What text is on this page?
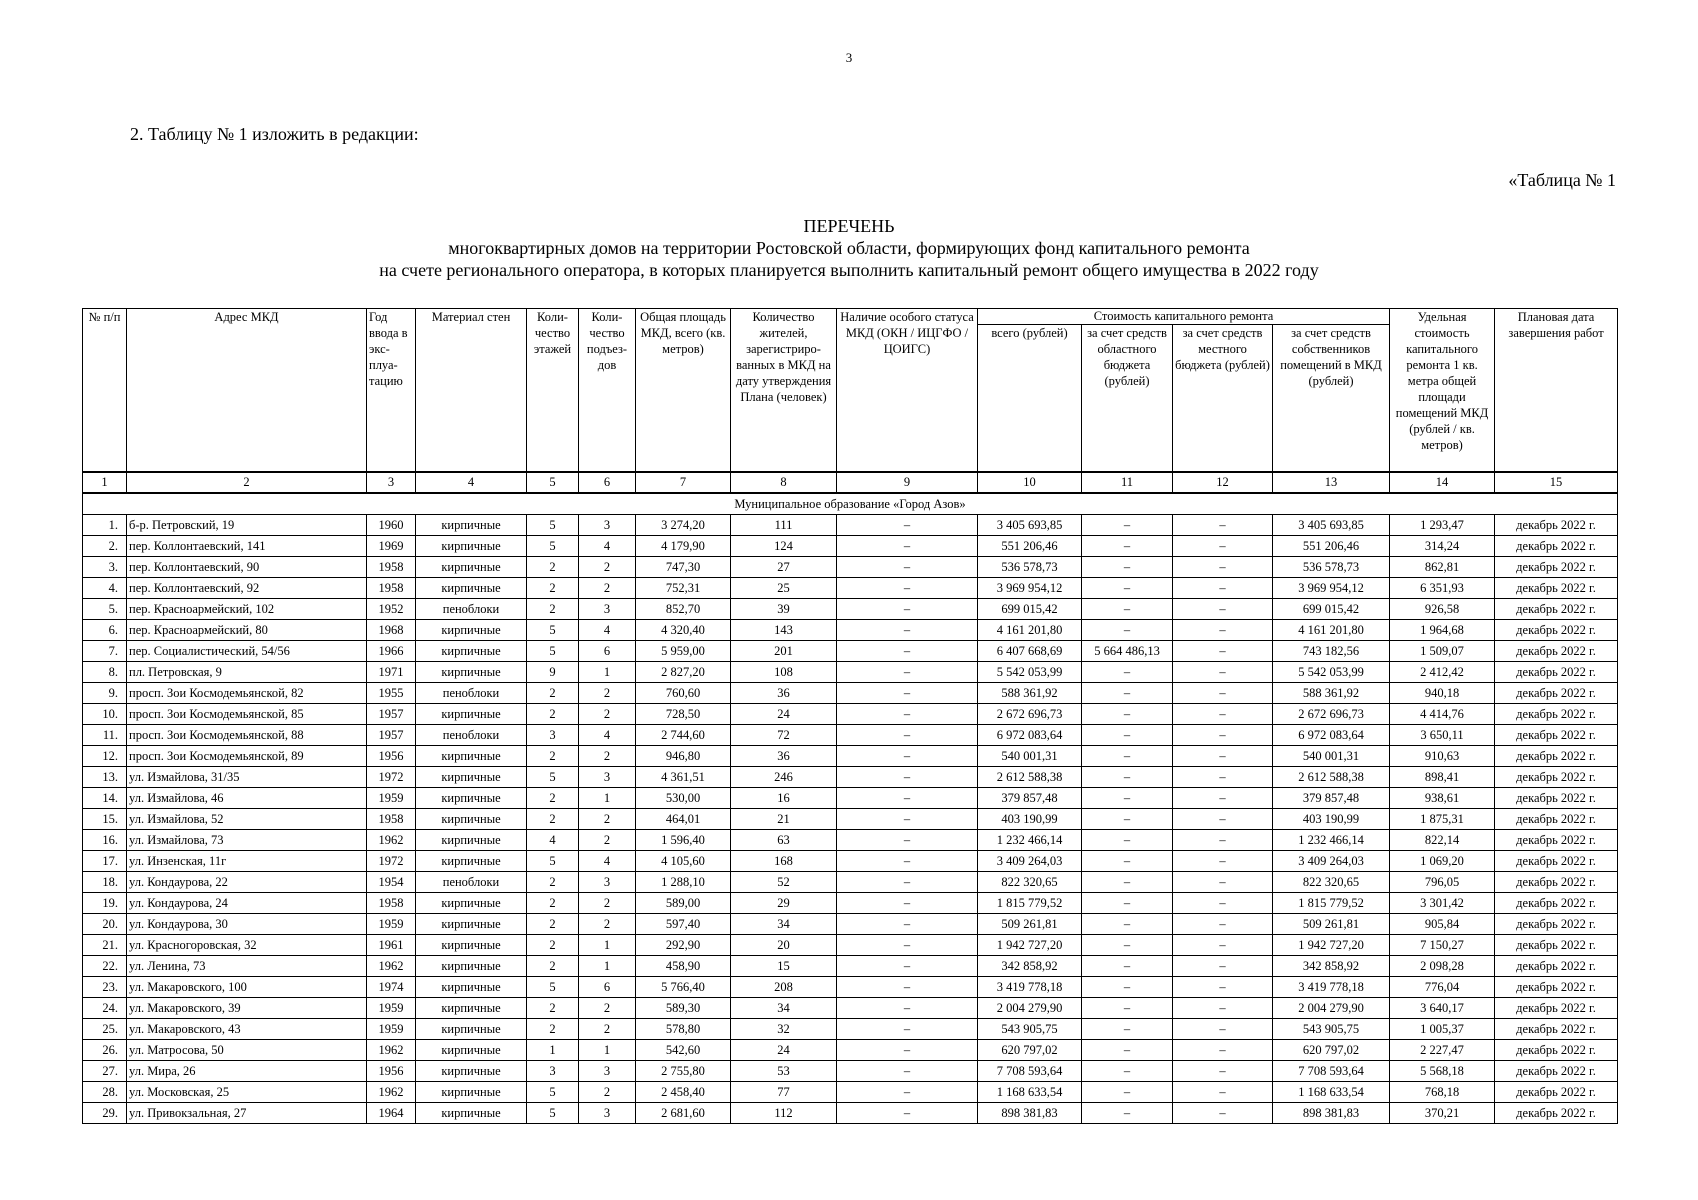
3
2. Таблицу № 1 изложить в редакции:
«Таблица № 1
ПЕРЕЧЕНЬ
многоквартирных домов на территории Ростовской области, формирующих фонд капитального ремонта
на счете регионального оператора, в которых планируется выполнить капитальный ремонт общего имущества в 2022 году
№ п/п	Адрес МКД	Год ввода в экс-плуа-тацию	Материал стен	Коли-чество этажей	Коли-чество подъез-дов	Общая площадь МКД, всего (кв. метров)	Количество жителей, зарегистриро-ванных в МКД на дату утверждения Плана (человек)	Наличие особого статуса МКД (ОКН / ИЦГФО / ЦОИГС)	Стоимость капитального ремонта				Удельная стоимость капитального ремонта 1 кв. метра общей площади помещений МКД (рублей / кв. метров)	Плановая дата завершения работ
									всего (рублей)	за счет средств областного бюджета (рублей)	за счет средств местного бюджета (рублей)	за счет средств собственников помещений в МКД (рублей)		
1	2	3	4	5	6	7	8	9	10	11	12	13	14	15
Муниципальное образование «Город Азов»														
1.	б-р. Петровский, 19	1960	кирпичные	5	3	3 274,20	111	–	3 405 693,85	–	–	3 405 693,85	1 293,47	декабрь 2022 г.
2.	пер. Коллонтаевский, 141	1969	кирпичные	5	4	4 179,90	124	–	551 206,46	–	–	551 206,46	314,24	декабрь 2022 г.
3.	пер. Коллонтаевский, 90	1958	кирпичные	2	2	747,30	27	–	536 578,73	–	–	536 578,73	862,81	декабрь 2022 г.
4.	пер. Коллонтаевский, 92	1958	кирпичные	2	2	752,31	25	–	3 969 954,12	–	–	3 969 954,12	6 351,93	декабрь 2022 г.
5.	пер. Красноармейский, 102	1952	пеноблоки	2	3	852,70	39	–	699 015,42	–	–	699 015,42	926,58	декабрь 2022 г.
6.	пер. Красноармейский, 80	1968	кирпичные	5	4	4 320,40	143	–	4 161 201,80	–	–	4 161 201,80	1 964,68	декабрь 2022 г.
7.	пер. Социалистический, 54/56	1966	кирпичные	5	6	5 959,00	201	–	6 407 668,69	5 664 486,13	–	743 182,56	1 509,07	декабрь 2022 г.
8.	пл. Петровская, 9	1971	кирпичные	9	1	2 827,20	108	–	5 542 053,99	–	–	5 542 053,99	2 412,42	декабрь 2022 г.
9.	просп. Зои Космодемьянской, 82	1955	пеноблоки	2	2	760,60	36	–	588 361,92	–	–	588 361,92	940,18	декабрь 2022 г.
10.	просп. Зои Космодемьянской, 85	1957	кирпичные	2	2	728,50	24	–	2 672 696,73	–	–	2 672 696,73	4 414,76	декабрь 2022 г.
11.	просп. Зои Космодемьянской, 88	1957	пеноблоки	3	4	2 744,60	72	–	6 972 083,64	–	–	6 972 083,64	3 650,11	декабрь 2022 г.
12.	просп. Зои Космодемьянской, 89	1956	кирпичные	2	2	946,80	36	–	540 001,31	–	–	540 001,31	910,63	декабрь 2022 г.
13.	ул. Измайлова, 31/35	1972	кирпичные	5	3	4 361,51	246	–	2 612 588,38	–	–	2 612 588,38	898,41	декабрь 2022 г.
14.	ул. Измайлова, 46	1959	кирпичные	2	1	530,00	16	–	379 857,48	–	–	379 857,48	938,61	декабрь 2022 г.
15.	ул. Измайлова, 52	1958	кирпичные	2	2	464,01	21	–	403 190,99	–	–	403 190,99	1 875,31	декабрь 2022 г.
16.	ул. Измайлова, 73	1962	кирпичные	4	2	1 596,40	63	–	1 232 466,14	–	–	1 232 466,14	822,14	декабрь 2022 г.
17.	ул. Инзенская, 11г	1972	кирпичные	5	4	4 105,60	168	–	3 409 264,03	–	–	3 409 264,03	1 069,20	декабрь 2022 г.
18.	ул. Кондаурова, 22	1954	пеноблоки	2	3	1 288,10	52	–	822 320,65	–	–	822 320,65	796,05	декабрь 2022 г.
19.	ул. Кондаурова, 24	1958	кирпичные	2	2	589,00	29	–	1 815 779,52	–	–	1 815 779,52	3 301,42	декабрь 2022 г.
20.	ул. Кондаурова, 30	1959	кирпичные	2	2	597,40	34	–	509 261,81	–	–	509 261,81	905,84	декабрь 2022 г.
21.	ул. Красногоровская, 32	1961	кирпичные	2	1	292,90	20	–	1 942 727,20	–	–	1 942 727,20	7 150,27	декабрь 2022 г.
22.	ул. Ленина, 73	1962	кирпичные	2	1	458,90	15	–	342 858,92	–	–	342 858,92	2 098,28	декабрь 2022 г.
23.	ул. Макаровского, 100	1974	кирпичные	5	6	5 766,40	208	–	3 419 778,18	–	–	3 419 778,18	776,04	декабрь 2022 г.
24.	ул. Макаровского, 39	1959	кирпичные	2	2	589,30	34	–	2 004 279,90	–	–	2 004 279,90	3 640,17	декабрь 2022 г.
25.	ул. Макаровского, 43	1959	кирпичные	2	2	578,80	32	–	543 905,75	–	–	543 905,75	1 005,37	декабрь 2022 г.
26.	ул. Матросова, 50	1962	кирпичные	1	1	542,60	24	–	620 797,02	–	–	620 797,02	2 227,47	декабрь 2022 г.
27.	ул. Мира, 26	1956	кирпичные	3	3	2 755,80	53	–	7 708 593,64	–	–	7 708 593,64	5 568,18	декабрь 2022 г.
28.	ул. Московская, 25	1962	кирпичные	5	2	2 458,40	77	–	1 168 633,54	–	–	1 168 633,54	768,18	декабрь 2022 г.
29.	ул. Привокзальная, 27	1964	кирпичные	5	3	2 681,60	112	–	898 381,83	–	–	898 381,83	370,21	декабрь 2022 г.
